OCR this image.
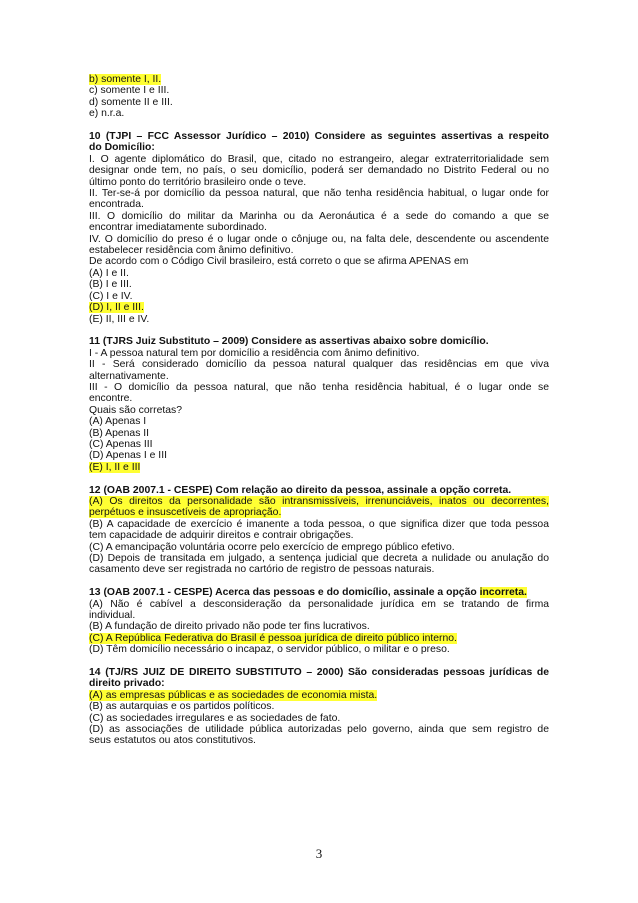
b) somente I, II.
c) somente I e III.
d) somente II e III.
e) n.r.a.
10 (TJPI – FCC Assessor Jurídico – 2010) Considere as seguintes assertivas a respeito
do Domicílio:
I. O agente diplomático do Brasil, que, citado no estrangeiro, alegar extraterritorialidade sem
designar onde tem, no país, o seu domicílio, poderá ser demandado no Distrito Federal ou no
último ponto do território brasileiro onde o teve.
II. Ter-se-á por domicílio da pessoa natural, que não tenha residência habitual, o lugar onde for
encontrada.
III. O domicílio do militar da Marinha ou da Aeronáutica é a sede do comando a que se
encontrar imediatamente subordinado.
IV. O domicílio do preso é o lugar onde o cônjuge ou, na falta dele, descendente ou ascendente
estabelecer residência com ânimo definitivo.
De acordo com o Código Civil brasileiro, está correto o que se afirma APENAS em
(A) I e II.
(B) I e III.
(C) I e IV.
(D) I, II e III.
(E) II, III e IV.
11 (TJRS Juiz Substituto – 2009) Considere as assertivas abaixo sobre domicílio.
I - A pessoa natural tem por domicílio a residência com ânimo definitivo.
II - Será considerado domicílio da pessoa natural qualquer das residências em que viva
alternativamente.
III - O domicílio da pessoa natural, que não tenha residência habitual, é o lugar onde se
encontre.
Quais são corretas?
(A) Apenas I
(B) Apenas II
(C) Apenas III
(D) Apenas I e III
(E) I, II e III
12 (OAB 2007.1 - CESPE) Com relação ao direito da pessoa, assinale a opção correta.
(A) Os direitos da personalidade são intransmissíveis, irrenunciáveis, inatos ou decorrentes,
perpétuos e insuscetíveis de apropriação.
(B) A capacidade de exercício é imanente a toda pessoa, o que significa dizer que toda pessoa
tem capacidade de adquirir direitos e contrair obrigações.
(C) A emancipação voluntária ocorre pelo exercício de emprego público efetivo.
(D) Depois de transitada em julgado, a sentença judicial que decreta a nulidade ou anulação do
casamento deve ser registrada no cartório de registro de pessoas naturais.
13 (OAB 2007.1 - CESPE) Acerca das pessoas e do domicílio, assinale a opção incorreta.
(A) Não é cabível a desconsideração da personalidade jurídica em se tratando de firma
individual.
(B) A fundação de direito privado não pode ter fins lucrativos.
(C) A República Federativa do Brasil é pessoa jurídica de direito público interno.
(D) Têm domicílio necessário o incapaz, o servidor público, o militar e o preso.
14 (TJ/RS JUIZ DE DIREITO SUBSTITUTO – 2000) São consideradas pessoas jurídicas de
direito privado:
(A) as empresas públicas e as sociedades de economia mista.
(B) as autarquias e os partidos políticos.
(C) as sociedades irregulares e as sociedades de fato.
(D) as associações de utilidade pública autorizadas pelo governo, ainda que sem registro de
seus estatutos ou atos constitutivos.
3
